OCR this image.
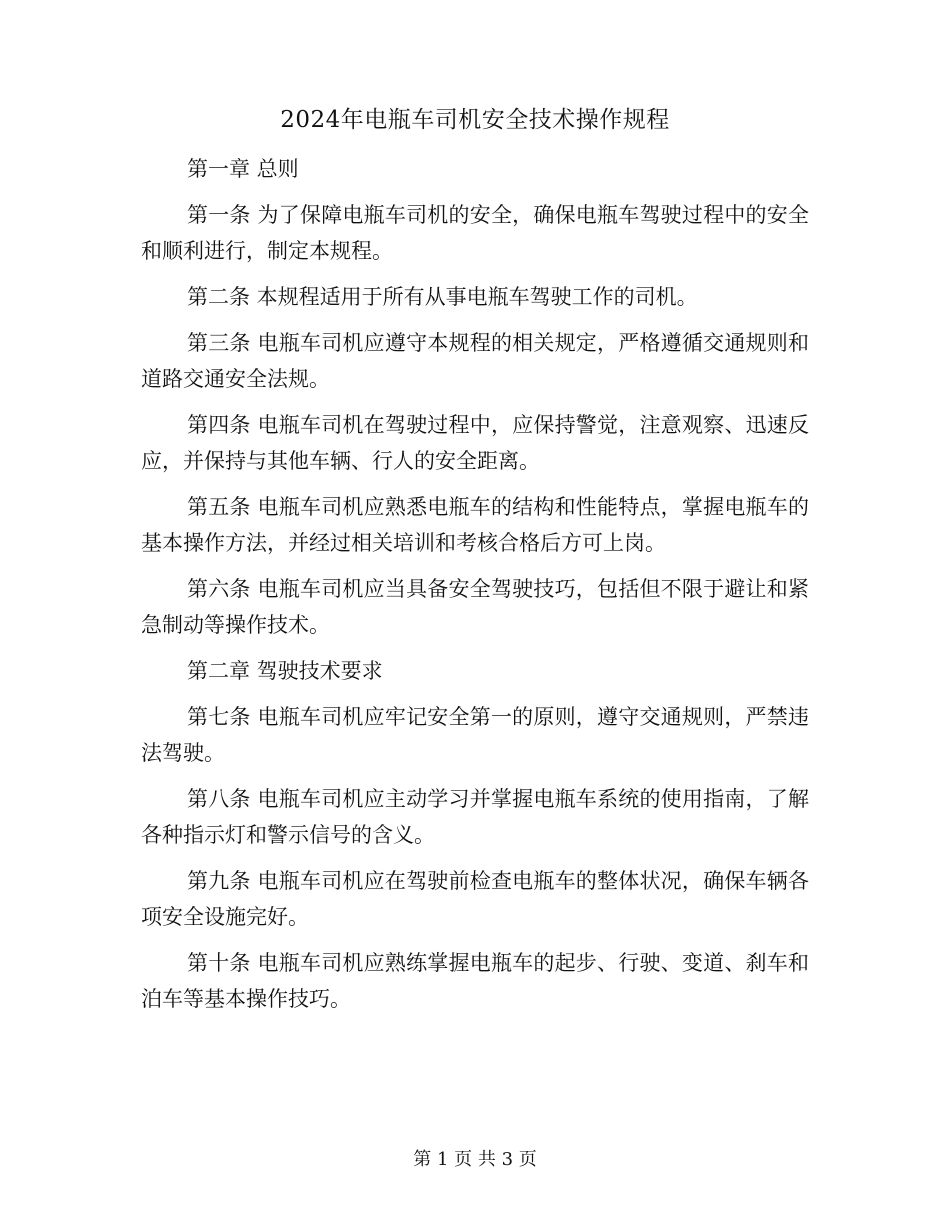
2024年电瓶车司机安全技术操作规程

第一章 总则

第一条 为了保障电瓶车司机的安全，确保电瓶车驾驶过程中的安全和顺利进行，制定本规程。

第二条 本规程适用于所有从事电瓶车驾驶工作的司机。

第三条 电瓶车司机应遵守本规程的相关规定，严格遵循交通规则和道路交通安全法规。

第四条 电瓶车司机在驾驶过程中，应保持警觉，注意观察、迅速反应，并保持与其他车辆、行人的安全距离。

第五条 电瓶车司机应熟悉电瓶车的结构和性能特点，掌握电瓶车的基本操作方法，并经过相关培训和考核合格后方可上岗。

第六条 电瓶车司机应当具备安全驾驶技巧，包括但不限于避让和紧急制动等操作技术。

第二章 驾驶技术要求

第七条 电瓶车司机应牢记安全第一的原则，遵守交通规则，严禁违法驾驶。

第八条 电瓶车司机应主动学习并掌握电瓶车系统的使用指南，了解各种指示灯和警示信号的含义。

第九条 电瓶车司机应在驾驶前检查电瓶车的整体状况，确保车辆各项安全设施完好。

第十条 电瓶车司机应熟练掌握电瓶车的起步、行驶、变道、刹车和泊车等基本操作技巧。

第 1 页 共 3 页
